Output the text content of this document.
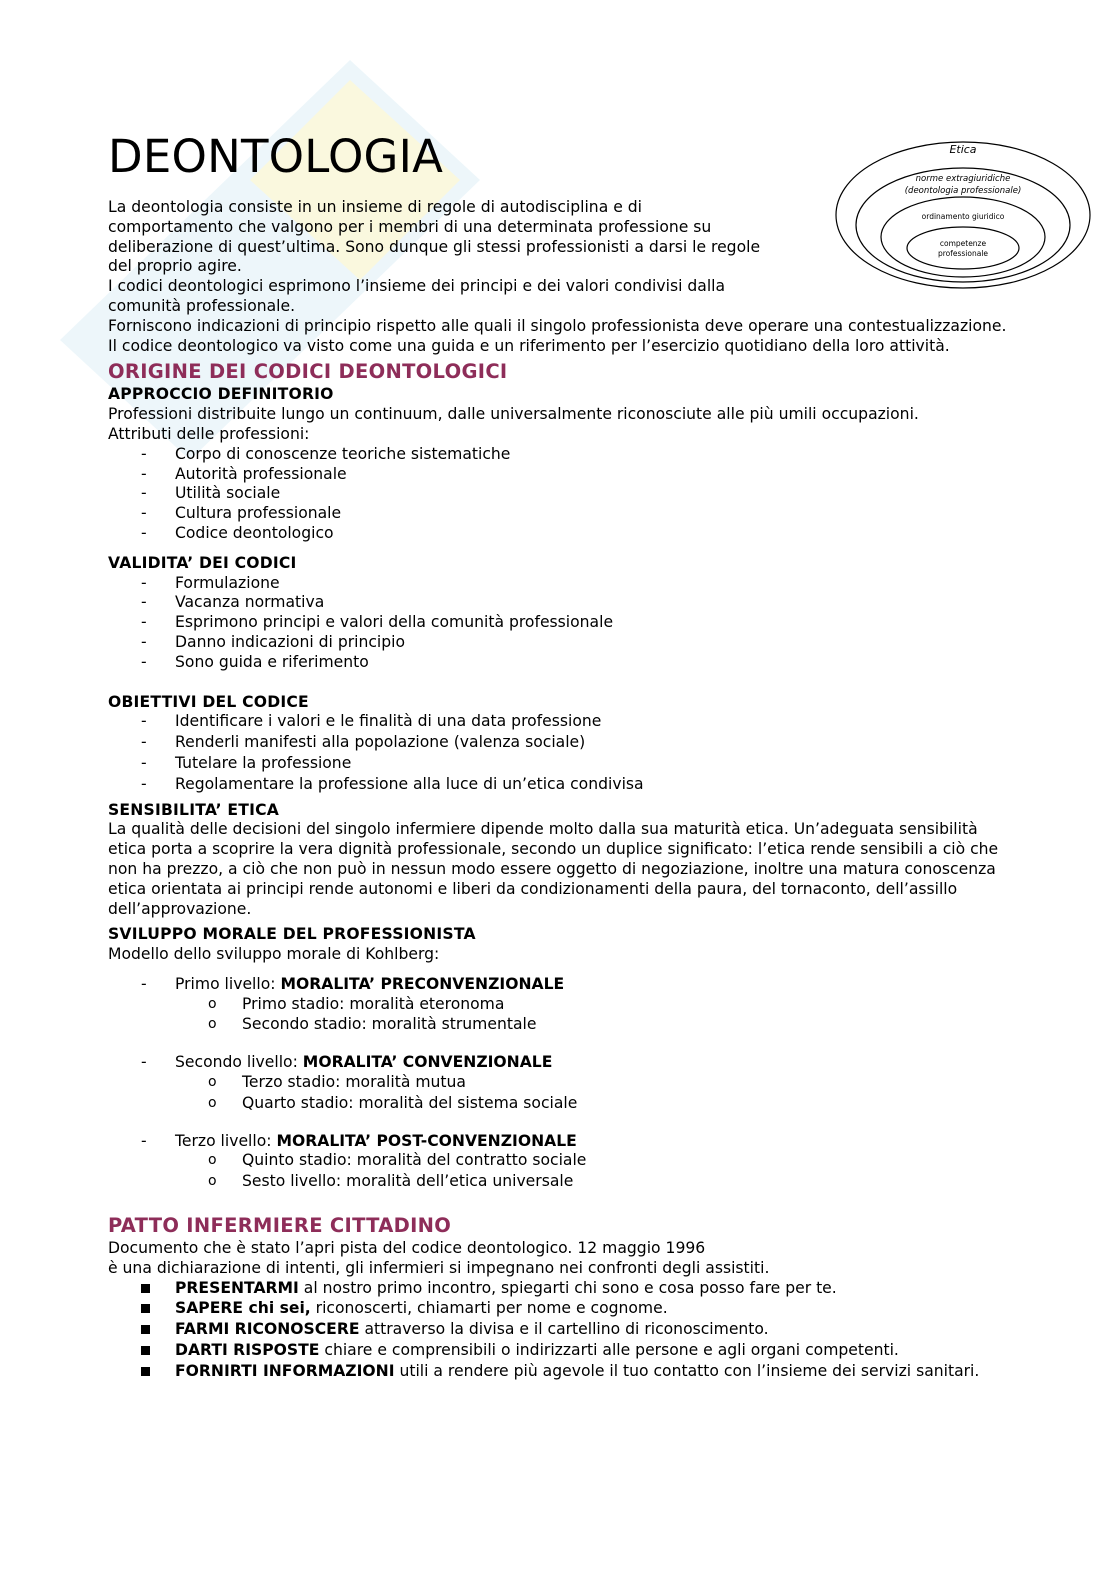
Etica
norme extragiuridiche
(deontologia professionale)
ordinamento giuridico
competenze
professionale
DEONTOLOGIA
La deontologia consiste in un insieme di regole di autodisciplina e di
comportamento che valgono per i membri di una determinata professione su
deliberazione di quest’ultima. Sono dunque gli stessi professionisti a darsi le regole
del proprio agire.
I codici deontologici esprimono l’insieme dei principi e dei valori condivisi dalla
comunità professionale.

Forniscono indicazioni di principio rispetto alle quali il singolo professionista deve operare una contestualizzazione.

Il codice deontologico va visto come una guida e un riferimento per l’esercizio quotidiano della loro attività.

ORIGINE DEI CODICI DEONTOLOGICI
APPROCCIO DEFINITORIO

Professioni distribuite lungo un continuum, dalle universalmente riconosciute alle più umili occupazioni.

Attributi delle professioni:

- Corpo di conoscenze teoriche sistematiche
- Autorità professionale
- Utilità sociale
- Cultura professionale
- Codice deontologico
VALIDITA’ DEI CODICI
- Formulazione
- Vacanza normativa
- Esprimono principi e valori della comunità professionale
- Danno indicazioni di principio
- Sono guida e riferimento
OBIETTIVI DEL CODICE
- Identificare i valori e le finalità di una data professione
- Renderli manifesti alla popolazione (valenza sociale)
- Tutelare la professione
- Regolamentare la professione alla luce di un’etica condivisa
SENSIBILITA’ ETICA

La qualità delle decisioni del singolo infermiere dipende molto dalla sua maturità etica. Un’adeguata sensibilità etica porta a scoprire la vera dignità professionale, secondo un duplice significato: l’etica rende sensibili a ciò che non ha prezzo, a ciò che non può in nessun modo essere oggetto di negoziazione, inoltre una matura conoscenza etica orientata ai principi rende autonomi e liberi da condizionamenti della paura, del tornaconto, dell’assillo dell’approvazione.

SVILUPPO MORALE DEL PROFESSIONISTA

Modello dello sviluppo morale di Kohlberg:

- Primo livello: MORALITA’ PRECONVENZIONALE
o Primo stadio: moralità eteronoma
o Secondo stadio: moralità strumentale
- Secondo livello: MORALITA’ CONVENZIONALE
o Terzo stadio: moralità mutua
o Quarto stadio: moralità del sistema sociale
- Terzo livello: MORALITA’ POST-CONVENZIONALE
o Quinto stadio: moralità del contratto sociale
o Sesto livello: moralità dell’etica universale
PATTO INFERMIERE CITTADINO

Documento che è stato l’apri pista del codice deontologico. 12 maggio 1996

è una dichiarazione di intenti, gli infermieri si impegnano nei confronti degli assistiti.

PRESENTARMI al nostro primo incontro, spiegarti chi sono e cosa posso fare per te.
SAPERE chi sei, riconoscerti, chiamarti per nome e cognome.
FARMI RICONOSCERE attraverso la divisa e il cartellino di riconoscimento.
DARTI RISPOSTE chiare e comprensibili o indirizzarti alle persone e agli organi competenti.
FORNIRTI INFORMAZIONI utili a rendere più agevole il tuo contatto con l’insieme dei servizi sanitari.
